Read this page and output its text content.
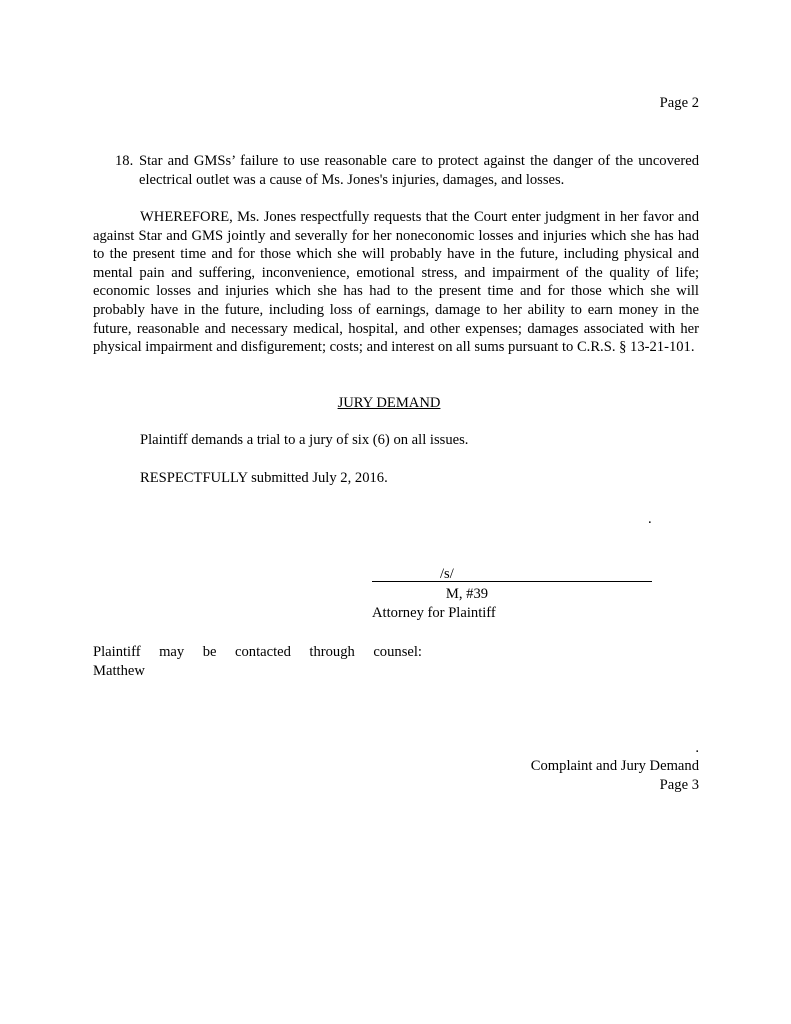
Page 2
18. Star and GMSs’ failure to use reasonable care to protect against the danger of the uncovered electrical outlet was a cause of Ms. Jones's injuries, damages, and losses.
WHEREFORE, Ms. Jones respectfully requests that the Court enter judgment in her favor and against Star and GMS jointly and severally for her noneconomic losses and injuries which she has had to the present time and for those which she will probably have in the future, including physical and mental pain and suffering, inconvenience, emotional stress, and impairment of the quality of life; economic losses and injuries which she has had to the present time and for those which she will probably have in the future, including loss of earnings, damage to her ability to earn money in the future, reasonable and necessary medical, hospital, and other expenses; damages associated with her physical impairment and disfigurement; costs; and interest on all sums pursuant to C.R.S. § 13-21-101.
JURY DEMAND
Plaintiff demands a trial to a jury of six (6) on all issues.
RESPECTFULLY submitted July 2, 2016.
.
/s/
M, #39
Attorney for Plaintiff
Plaintiff may be contacted through counsel:
Matthew
.
Complaint and Jury Demand
Page 3
